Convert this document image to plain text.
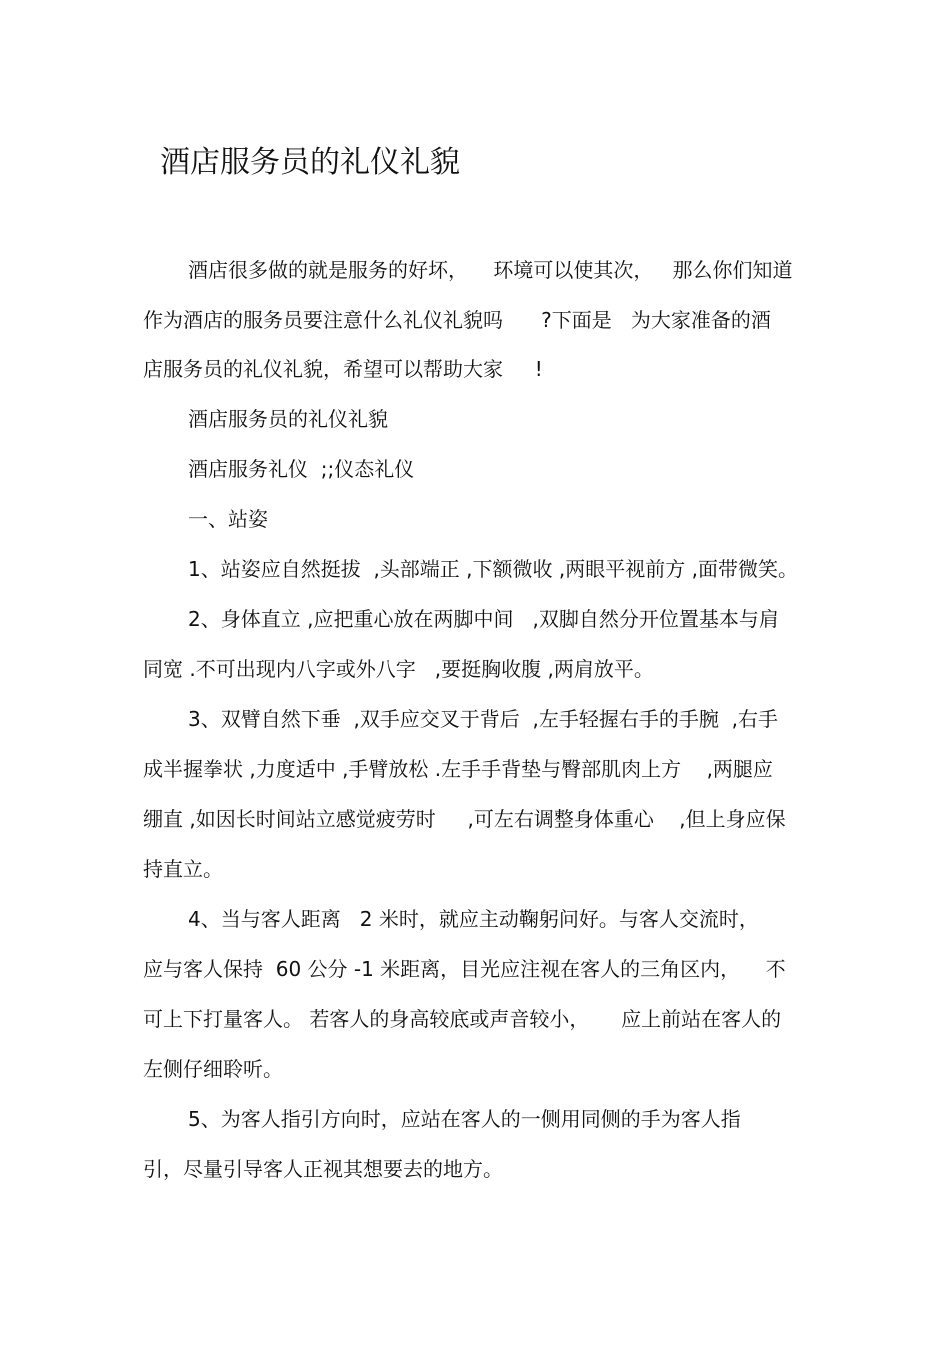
酒店服务员的礼仪礼貌

酒店很多做的就是服务的好坏，    环境可以使其次，   那么你们知道

作为酒店的服务员要注意什么礼仪礼貌吗      ?下面是   为大家准备的酒

店服务员的礼仪礼貌，希望可以帮助大家     !

酒店服务员的礼仪礼貌

酒店服务礼仪  ;;仪态礼仪

一、站姿

1、站姿应自然挺拔  ,头部端正 ,下额微收 ,两眼平视前方 ,面带微笑。

2、身体直立 ,应把重心放在两脚中间   ,双脚自然分开位置基本与肩

同宽 .不可出现内八字或外八字   ,要挺胸收腹 ,两肩放平。

3、双臂自然下垂  ,双手应交叉于背后  ,左手轻握右手的手腕  ,右手

成半握拳状 ,力度适中 ,手臂放松 .左手手背垫与臀部肌肉上方    ,两腿应

绷直 ,如因长时间站立感觉疲劳时     ,可左右调整身体重心    ,但上身应保

持直立。

4、当与客人距离   2 米时，就应主动鞠躬问好。与客人交流时，

应与客人保持  60 公分 -1 米距离，目光应注视在客人的三角区内，    不

可上下打量客人。 若客人的身高较底或声音较小，     应上前站在客人的

左侧仔细聆听。

5、为客人指引方向时，应站在客人的一侧用同侧的手为客人指

引，尽量引导客人正视其想要去的地方。
